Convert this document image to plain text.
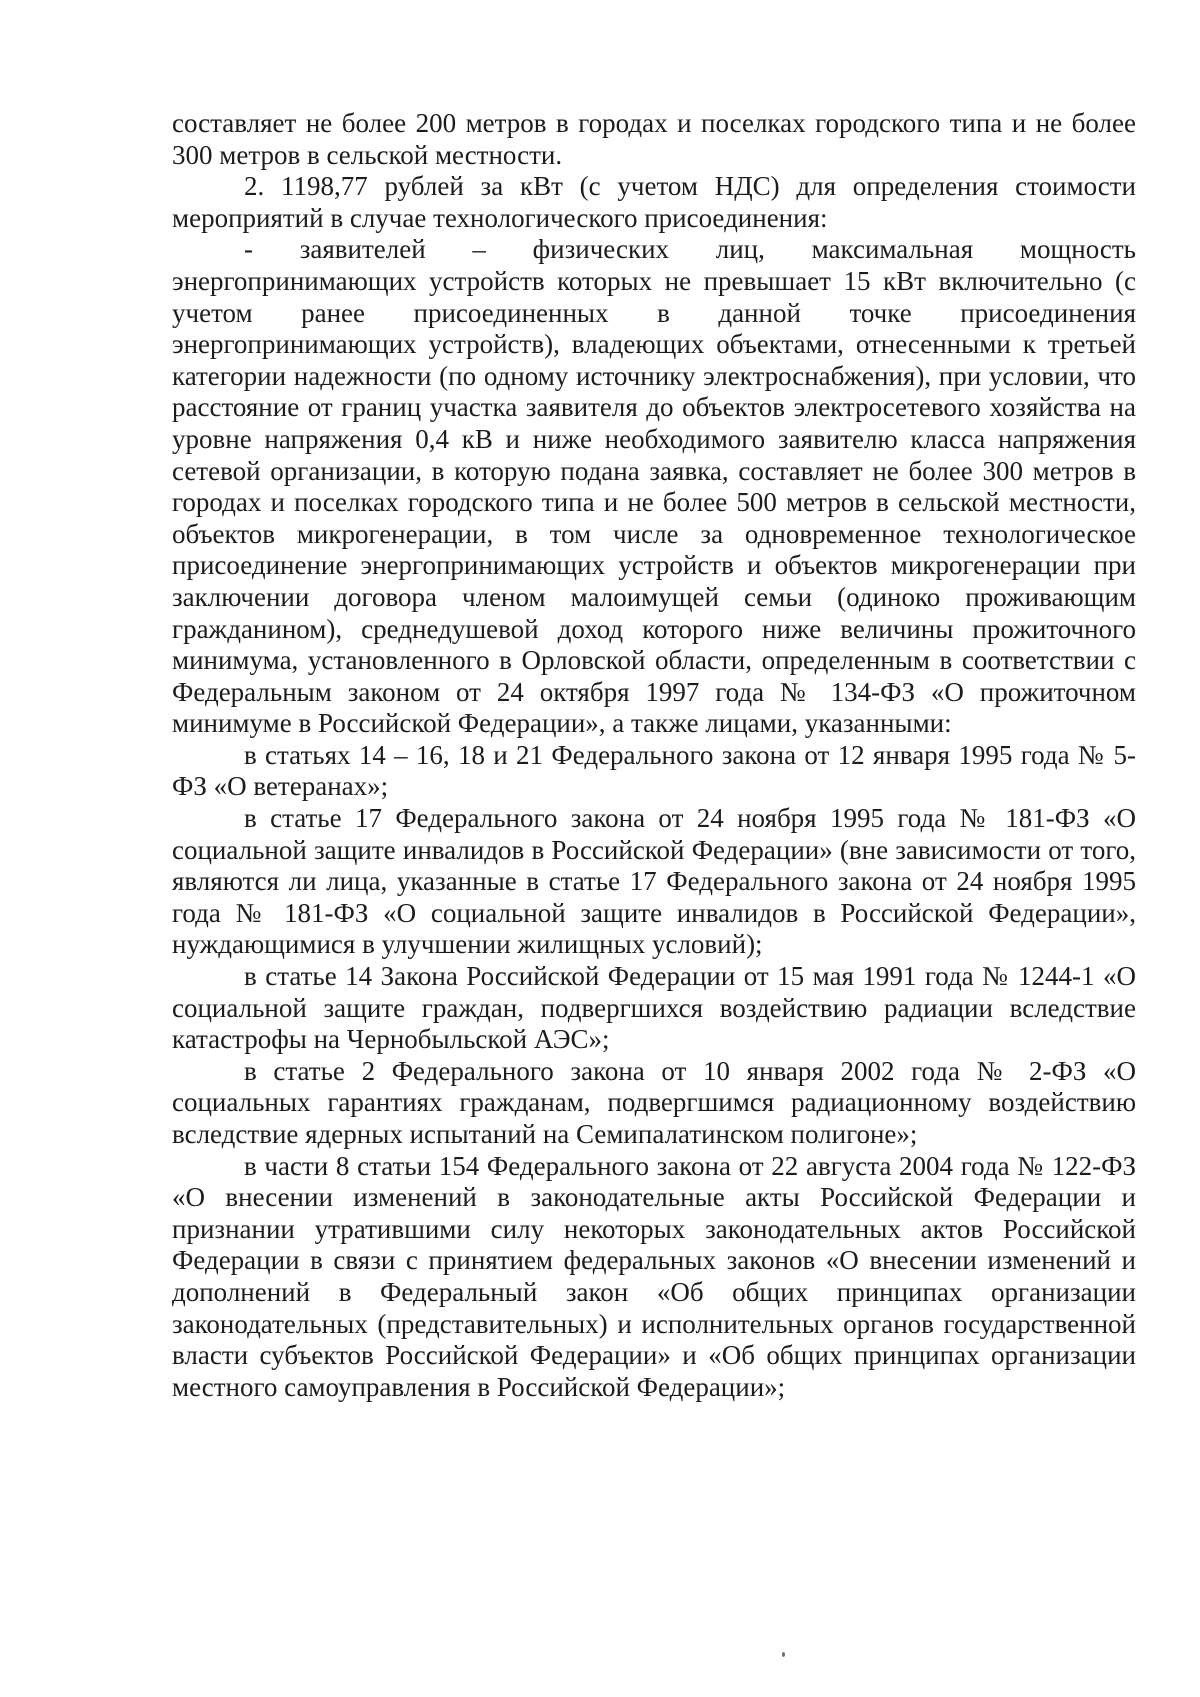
составляет не более 200 метров в городах и поселках городского типа и не более 300 метров в сельской местности.

2. 1198,77 рублей за кВт (с учетом НДС) для определения стоимости мероприятий в случае технологического присоединения:

- заявителей – физических лиц, максимальная мощность энергопринимающих устройств которых не превышает 15 кВт включительно (с учетом ранее присоединенных в данной точке присоединения энергопринимающих устройств), владеющих объектами, отнесенными к третьей категории надежности (по одному источнику электроснабжения), при условии, что расстояние от границ участка заявителя до объектов электросетевого хозяйства на уровне напряжения 0,4 кВ и ниже необходимого заявителю класса напряжения сетевой организации, в которую подана заявка, составляет не более 300 метров в городах и поселках городского типа и не более 500 метров в сельской местности, объектов микрогенерации, в том числе за одновременное технологическое присоединение энергопринимающих устройств и объектов микрогенерации при заключении договора членом малоимущей семьи (одиноко проживающим гражданином), среднедушевой доход которого ниже величины прожиточного минимума, установленного в Орловской области, определенным в соответствии с Федеральным законом от 24 октября 1997 года № 134-ФЗ «О прожиточном минимуме в Российской Федерации», а также лицами, указанными:

в статьях 14 – 16, 18 и 21 Федерального закона от 12 января 1995 года № 5-ФЗ «О ветеранах»;

в статье 17 Федерального закона от 24 ноября 1995 года № 181-ФЗ «О социальной защите инвалидов в Российской Федерации» (вне зависимости от того, являются ли лица, указанные в статье 17 Федерального закона от 24 ноября 1995 года № 181-ФЗ «О социальной защите инвалидов в Российской Федерации», нуждающимися в улучшении жилищных условий);

в статье 14 Закона Российской Федерации от 15 мая 1991 года № 1244-1 «О социальной защите граждан, подвергшихся воздействию радиации вследствие катастрофы на Чернобыльской АЭС»;

в статье 2 Федерального закона от 10 января 2002 года № 2-ФЗ «О социальных гарантиях гражданам, подвергшимся радиационному воздействию вследствие ядерных испытаний на Семипалатинском полигоне»;

в части 8 статьи 154 Федерального закона от 22 августа 2004 года № 122-ФЗ «О внесении изменений в законодательные акты Российской Федерации и признании утратившими силу некоторых законодательных актов Российской Федерации в связи с принятием федеральных законов «О внесении изменений и дополнений в Федеральный закон «Об общих принципах организации законодательных (представительных) и исполнительных органов государственной власти субъектов Российской Федерации» и «Об общих принципах организации местного самоуправления в Российской Федерации»;
